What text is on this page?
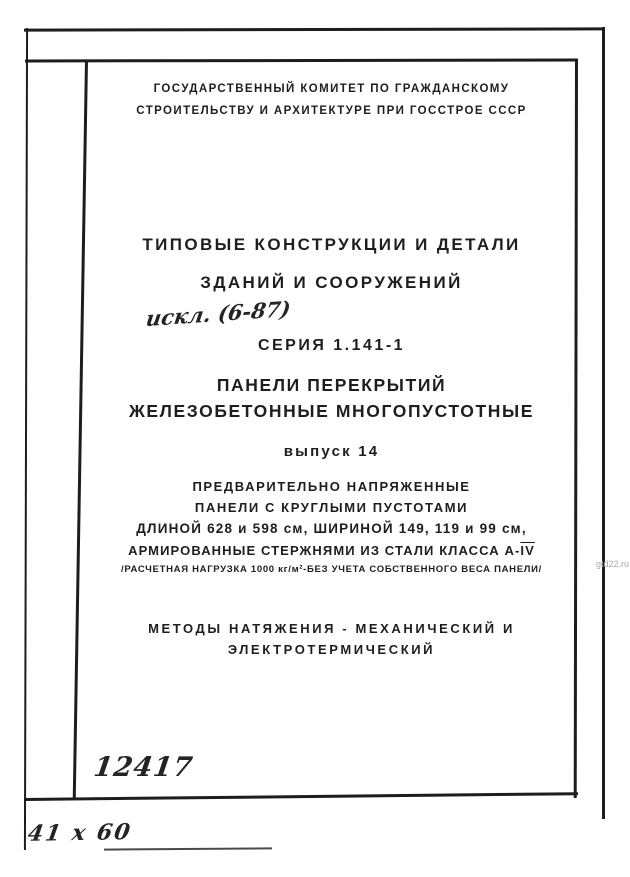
ГОСУДАРСТВЕННЫЙ КОМИТЕТ ПО ГРАЖДАНСКОМУ
СТРОИТЕЛЬСТВУ И АРХИТЕКТУРЕ ПРИ ГОССТРОЕ СССР
ТИПОВЫЕ КОНСТРУКЦИИ И ДЕТАЛИ
ЗДАНИЙ И СООРУЖЕНИЙ
СЕРИЯ 1.141-1
ПАНЕЛИ ПЕРЕКРЫТИЙ
ЖЕЛЕЗОБЕТОННЫЕ МНОГОПУСТОТНЫЕ
выпуск 14
ПРЕДВАРИТЕЛЬНО НАПРЯЖЕННЫЕ
ПАНЕЛИ С КРУГЛЫМИ ПУСТОТАМИ
ДЛИНОЙ 628 и 598 см, ШИРИНОЙ 149, 119 и 99 см,
АРМИРОВАННЫЕ СТЕРЖНЯМИ ИЗ СТАЛИ КЛАССА $А-\overline{IV}$
/РАСЧЕТНАЯ НАГРУЗКА 1000 кг/м²-БЕЗ УЧЕТА СОБСТВЕННОГО ВЕСА ПАНЕЛИ/
МЕТОДЫ НАТЯЖЕНИЯ - МЕХАНИЧЕСКИЙ И
ЭЛЕКТРОТЕРМИЧЕСКИЙ
искл. (6-87)
12417
41 х 60
gtd22.ru
